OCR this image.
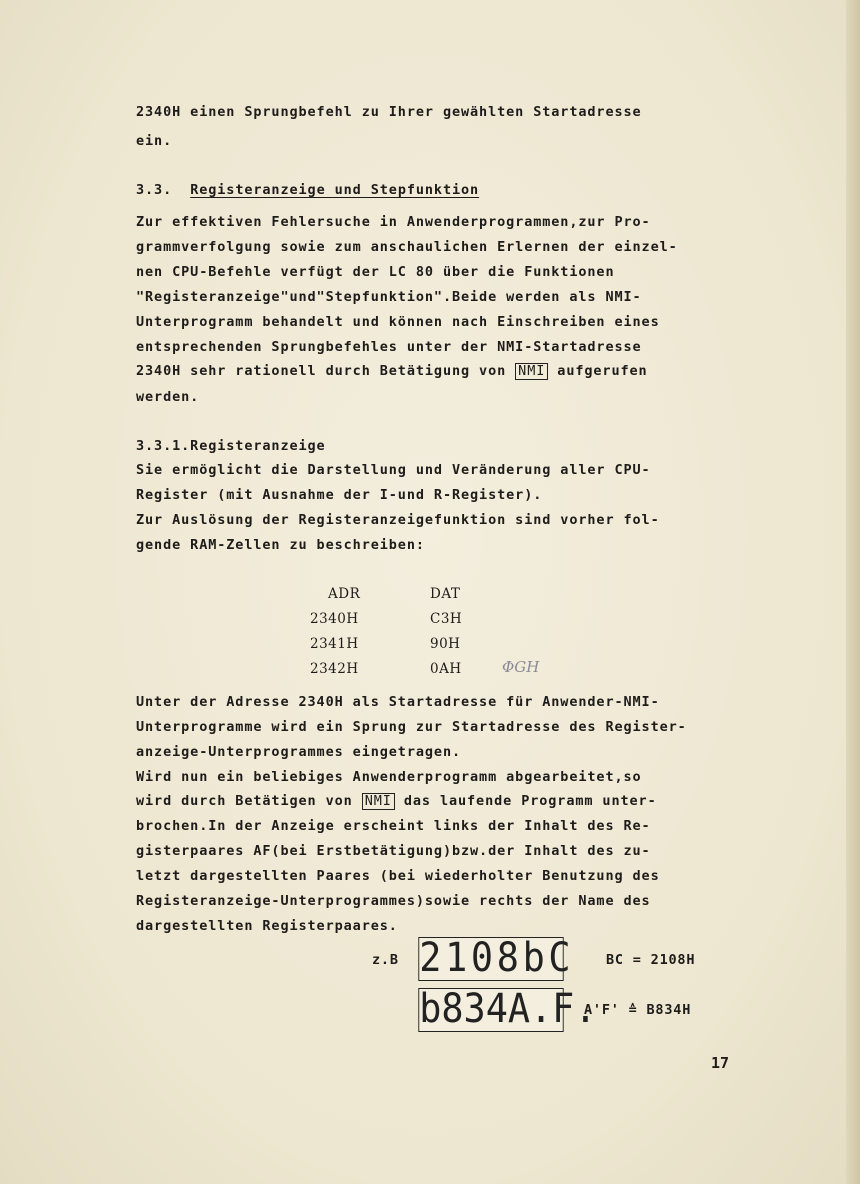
2340H einen Sprungbefehl zu Ihrer gewählten Startadresse
ein.
3.3. Registeranzeige und Stepfunktion
Zur effektiven Fehlersuche in Anwenderprogrammen,zur Pro-
grammverfolgung sowie zum anschaulichen Erlernen der einzel-
nen CPU-Befehle verfügt der LC 80 über die Funktionen
"Registeranzeige"und"Stepfunktion".Beide werden als NMI-
Unterprogramm behandelt und können nach Einschreiben eines
entsprechenden Sprungbefehles unter der NMI-Startadresse
2340H sehr rationell durch Betätigung von NMI aufgerufen
werden.
3.3.1.Registeranzeige
Sie ermöglicht die Darstellung und Veränderung aller CPU-
Register (mit Ausnahme der I-und R-Register).
Zur Auslösung der Registeranzeigefunktion sind vorher fol-
gende RAM-Zellen zu beschreiben:
ADR	DAT
2340H	C3H
2341H	90H
2342H	0AH	ΦGH
Unter der Adresse 2340H als Startadresse für Anwender-NMI-
Unterprogramme wird ein Sprung zur Startadresse des Register-
anzeige-Unterprogrammes eingetragen.
Wird nun ein beliebiges Anwenderprogramm abgearbeitet,so
wird durch Betätigen von NMI das laufende Programm unter-
brochen.In der Anzeige erscheint links der Inhalt des Re-
gisterpaares AF(bei Erstbetätigung)bzw.der Inhalt des zu-
letzt dargestellten Paares (bei wiederholter Benutzung des
Registeranzeige-Unterprogrammes)sowie rechts der Name des
dargestellten Registerpaares.
z.B 2108bC BC = 2108H
b834A.F.
A'F' ≙ B834H
17
